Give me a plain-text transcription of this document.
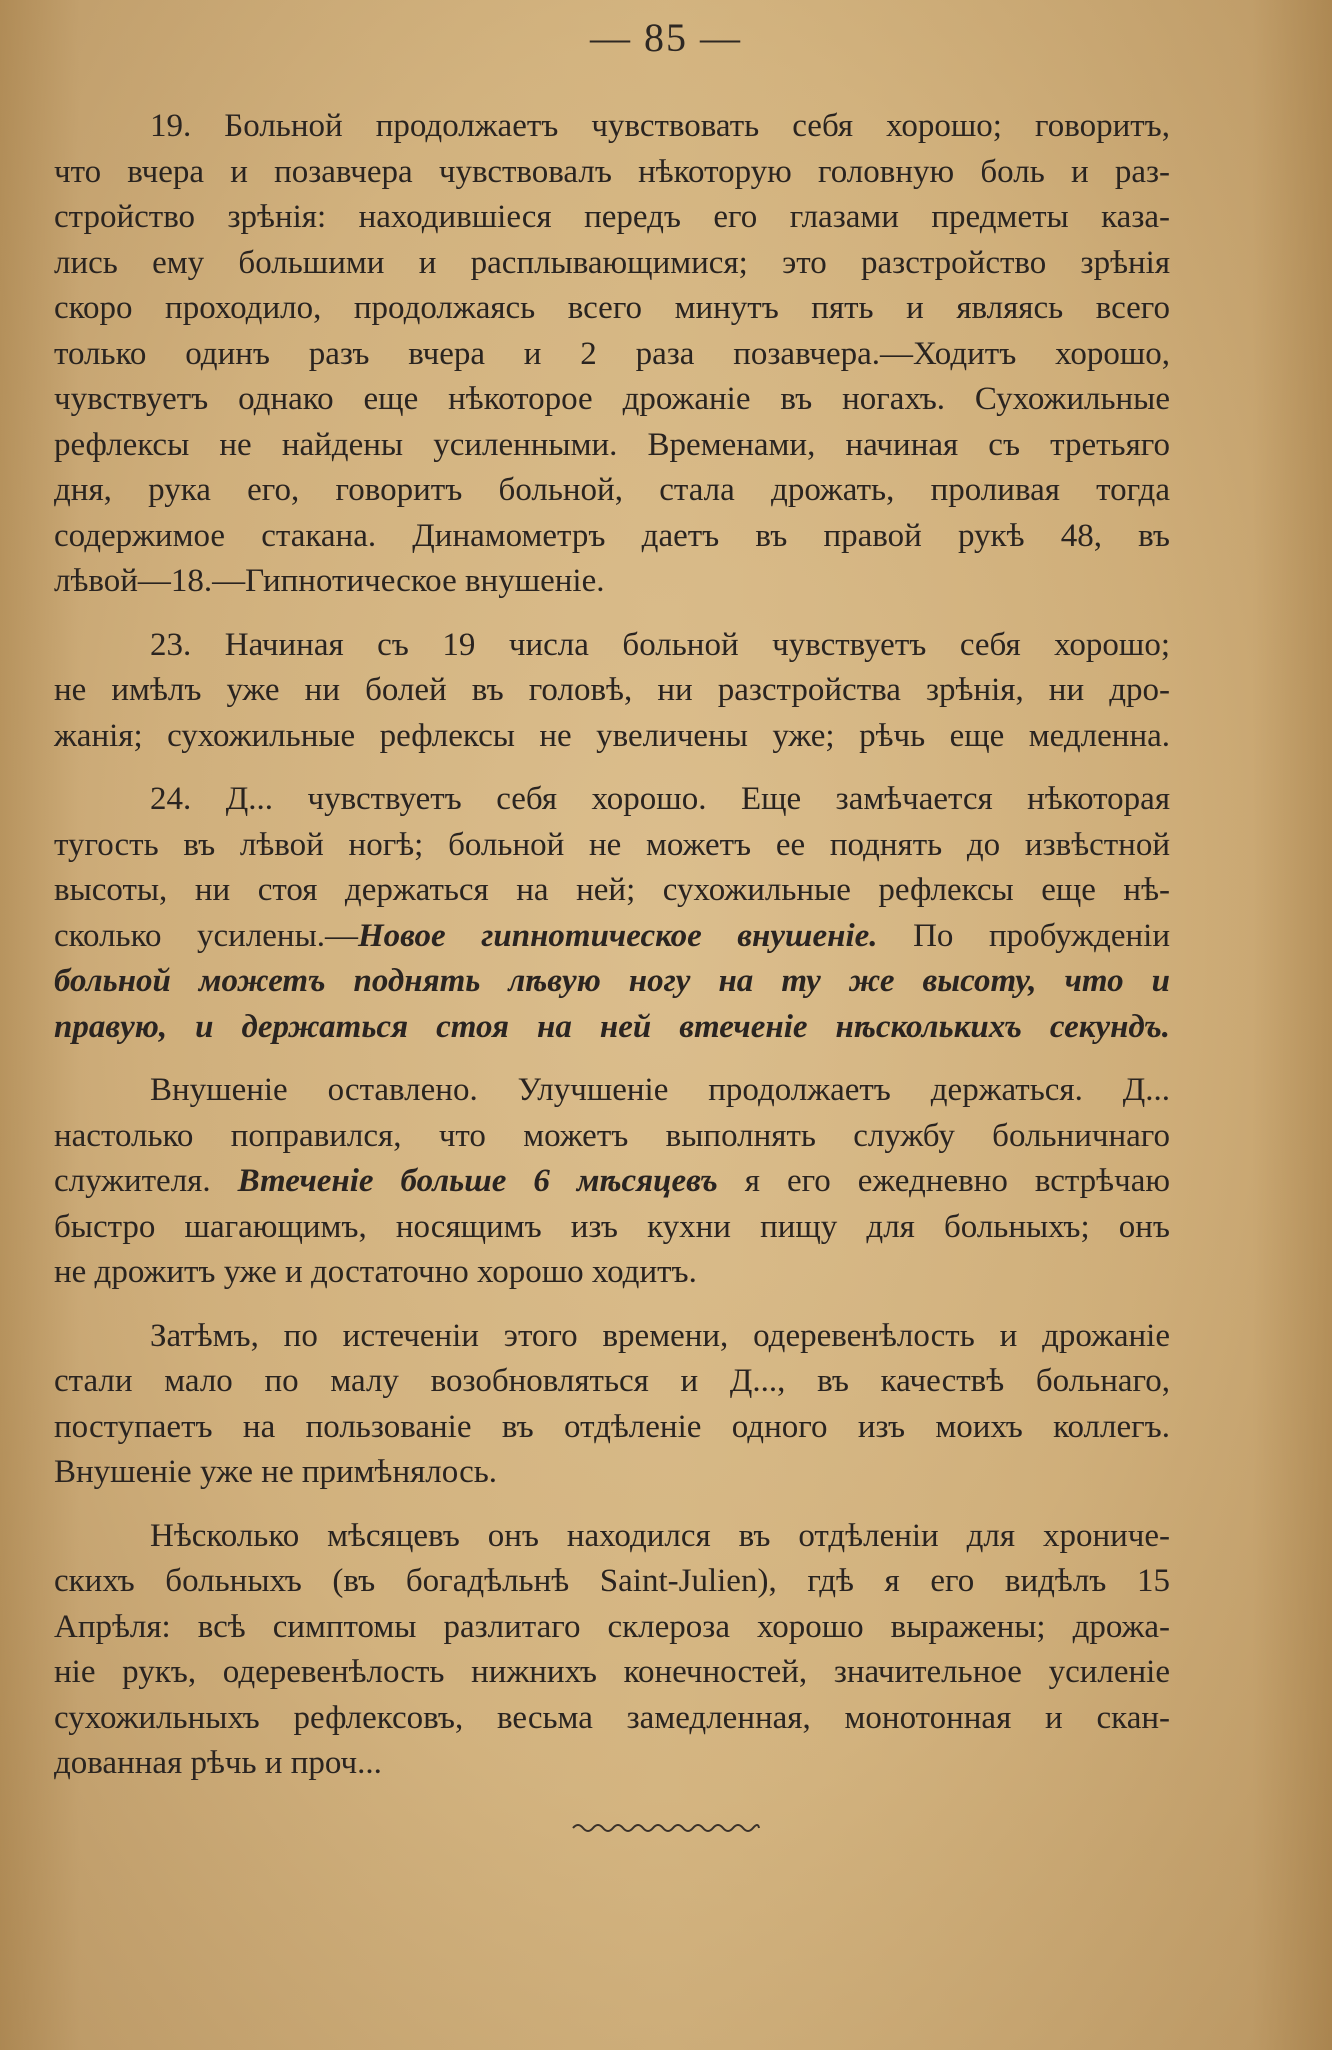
— 85 —
19. Больной продолжаетъ чувствовать себя хорошо; говоритъ,
что вчера и позавчера чувствовалъ нѣкоторую головную боль и раз-
стройство зрѣнія: находившіеся передъ его глазами предметы каза-
лись ему большими и расплывающимися; это разстройство зрѣнія
скоро проходило, продолжаясь всего минутъ пять и являясь всего
только одинъ разъ вчера и 2 раза позавчера.—Ходитъ хорошо,
чувствуетъ однако еще нѣкоторое дрожаніе въ ногахъ. Сухожильные
рефлексы не найдены усиленными. Временами, начиная съ третьяго
дня, рука его, говоритъ больной, стала дрожать, проливая тогда
содержимое стакана. Динамометръ даетъ въ правой рукѣ 48, въ
лѣвой—18.—Гипнотическое внушеніе.
23. Начиная съ 19 числа больной чувствуетъ себя хорошо;
не имѣлъ уже ни болей въ головѣ, ни разстройства зрѣнія, ни дро-
жанія; сухожильные рефлексы не увеличены уже; рѣчь еще медленна.
24. Д... чувствуетъ себя хорошо. Еще замѣчается нѣкоторая
тугость въ лѣвой ногѣ; больной не можетъ ее поднять до извѣстной
высоты, ни стоя держаться на ней; сухожильные рефлексы еще нѣ-
сколько усилены.—Новое гипнотическое внушеніе. По пробужденіи
больной можетъ поднять лѣвую ногу на ту же высоту, что и
правую, и держаться стоя на ней втеченіе нѣсколькихъ секундъ.
Внушеніе оставлено. Улучшеніе продолжаетъ держаться. Д...
настолько поправился, что можетъ выполнять службу больничнаго
служителя. Втеченіе больше 6 мѣсяцевъ я его ежедневно встрѣчаю
быстро шагающимъ, носящимъ изъ кухни пищу для больныхъ; онъ
не дрожитъ уже и достаточно хорошо ходитъ.
Затѣмъ, по истеченіи этого времени, одеревенѣлость и дрожаніе
стали мало по малу возобновляться и Д..., въ качествѣ больнаго,
поступаетъ на пользованіе въ отдѣленіе одного изъ моихъ коллегъ.
Внушеніе уже не примѣнялось.
Нѣсколько мѣсяцевъ онъ находился въ отдѣленіи для хрониче-
скихъ больныхъ (въ богадѣльнѣ Saint-Julien), гдѣ я его видѣлъ 15
Апрѣля: всѣ симптомы разлитаго склероза хорошо выражены; дрожа-
ніе рукъ, одеревенѣлость нижнихъ конечностей, значительное усиленіе
сухожильныхъ рефлексовъ, весьма замедленная, монотонная и скан-
дованная рѣчь и проч...
